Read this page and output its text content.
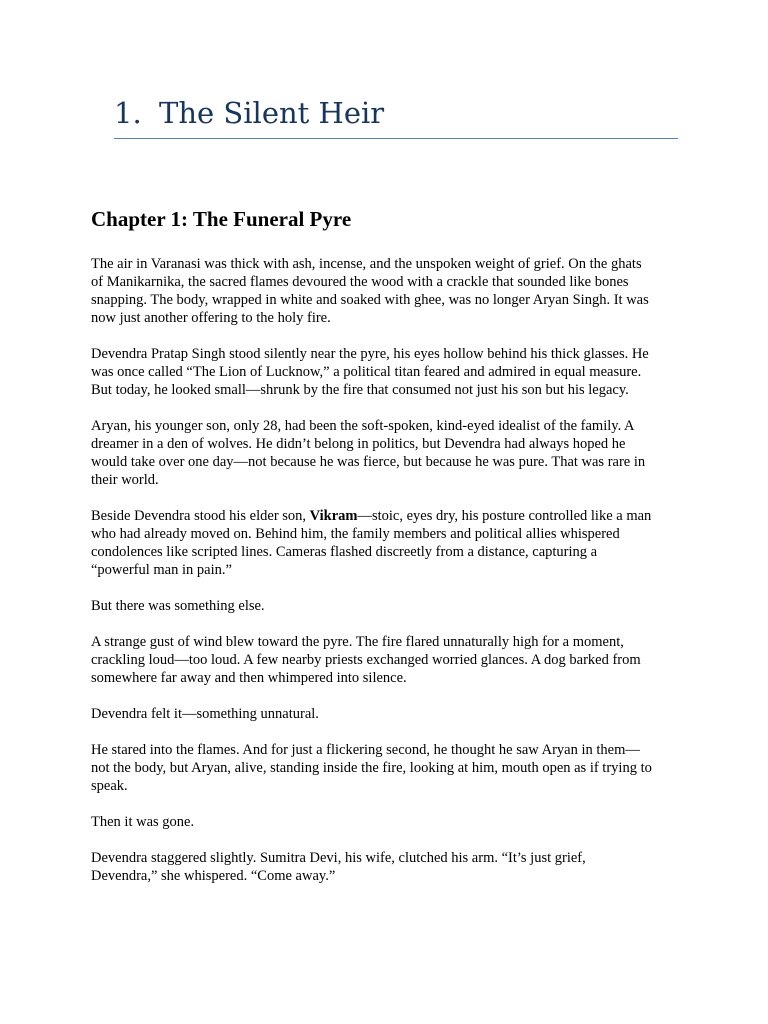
1. The Silent Heir
Chapter 1: The Funeral Pyre

The air in Varanasi was thick with ash, incense, and the unspoken weight of grief. On the ghats
of Manikarnika, the sacred flames devoured the wood with a crackle that sounded like bones
snapping. The body, wrapped in white and soaked with ghee, was no longer Aryan Singh. It was
now just another offering to the holy fire.

Devendra Pratap Singh stood silently near the pyre, his eyes hollow behind his thick glasses. He
was once called “The Lion of Lucknow,” a political titan feared and admired in equal measure.
But today, he looked small—shrunk by the fire that consumed not just his son but his legacy.

Aryan, his younger son, only 28, had been the soft-spoken, kind-eyed idealist of the family. A
dreamer in a den of wolves. He didn’t belong in politics, but Devendra had always hoped he
would take over one day—not because he was fierce, but because he was pure. That was rare in
their world.

Beside Devendra stood his elder son, Vikram—stoic, eyes dry, his posture controlled like a man
who had already moved on. Behind him, the family members and political allies whispered
condolences like scripted lines. Cameras flashed discreetly from a distance, capturing a
“powerful man in pain.”

But there was something else.

A strange gust of wind blew toward the pyre. The fire flared unnaturally high for a moment,
crackling loud—too loud. A few nearby priests exchanged worried glances. A dog barked from
somewhere far away and then whimpered into silence.

Devendra felt it—something unnatural.

He stared into the flames. And for just a flickering second, he thought he saw Aryan in them—
not the body, but Aryan, alive, standing inside the fire, looking at him, mouth open as if trying to
speak.

Then it was gone.

Devendra staggered slightly. Sumitra Devi, his wife, clutched his arm. “It’s just grief,
Devendra,” she whispered. “Come away.”
